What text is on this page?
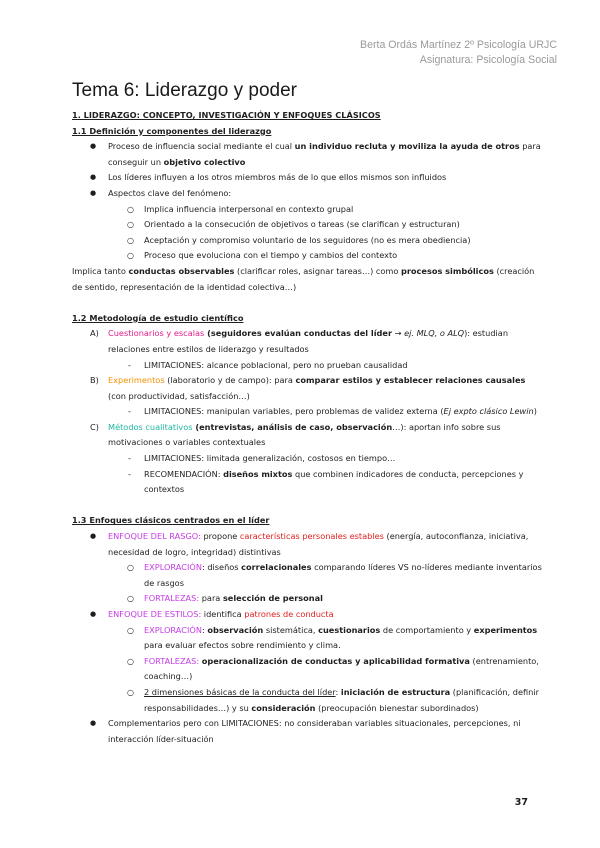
Berta Ordás Martínez 2º Psicología URJC
Asignatura: Psicología Social
Tema 6: Liderazgo y poder

1. LIDERAZGO: CONCEPTO, INVESTIGACIÓN Y ENFOQUES CLÁSICOS

1.1 Definición y componentes del liderazgo

● Proceso de influencia social mediante el cual un individuo recluta y moviliza la ayuda de otros para conseguir un objetivo colectivo
● Los líderes influyen a los otros miembros más de lo que ellos mismos son influidos
● Aspectos clave del fenómeno:
○ Implica influencia interpersonal en contexto grupal
○ Orientado a la consecución de objetivos o tareas (se clarifican y estructuran)
○ Aceptación y compromiso voluntario de los seguidores (no es mera obediencia)
○ Proceso que evoluciona con el tiempo y cambios del contexto

Implica tanto conductas observables (clarificar roles, asignar tareas…) como procesos simbólicos (creación de sentido, representación de la identidad colectiva…)

1.2 Metodología de estudio científico

A) Cuestionarios y escalas (seguidores evalúan conductas del líder → ej. MLQ, o ALQ): estudian relaciones entre estilos de liderazgo y resultados
- LIMITACIONES: alcance poblacional, pero no prueban causalidad
B) Experimentos (laboratorio y de campo): para comparar estilos y establecer relaciones causales (con productividad, satisfacción…)
- LIMITACIONES: manipulan variables, pero problemas de validez externa (Ej expto clásico Lewin)
C) Métodos cualitativos (entrevistas, análisis de caso, observación…): aportan info sobre sus motivaciones o variables contextuales
- LIMITACIONES: limitada generalización, costosos en tiempo…
- RECOMENDACIÓN: diseños mixtos que combinen indicadores de conducta, percepciones y contextos

1.3 Enfoques clásicos centrados en el líder

● ENFOQUE DEL RASGO: propone características personales estables (energía, autoconfianza, iniciativa, necesidad de logro, integridad) distintivas
○ EXPLORACIÓN: diseños correlacionales comparando líderes VS no-líderes mediante inventarios de rasgos
○ FORTALEZAS: para selección de personal
● ENFOQUE DE ESTILOS: identifica patrones de conducta
○ EXPLORACIÓN: observación sistemática, cuestionarios de comportamiento y experimentos para evaluar efectos sobre rendimiento y clima.
○ FORTALEZAS: operacionalización de conductas y aplicabilidad formativa (entrenamiento, coaching…)
○ 2 dimensiones básicas de la conducta del líder: iniciación de estructura (planificación, definir responsabilidades…) y su consideración (preocupación bienestar subordinados)
● Complementarios pero con LIMITACIONES: no consideraban variables situacionales, percepciones, ni interacción líder-situación
37
